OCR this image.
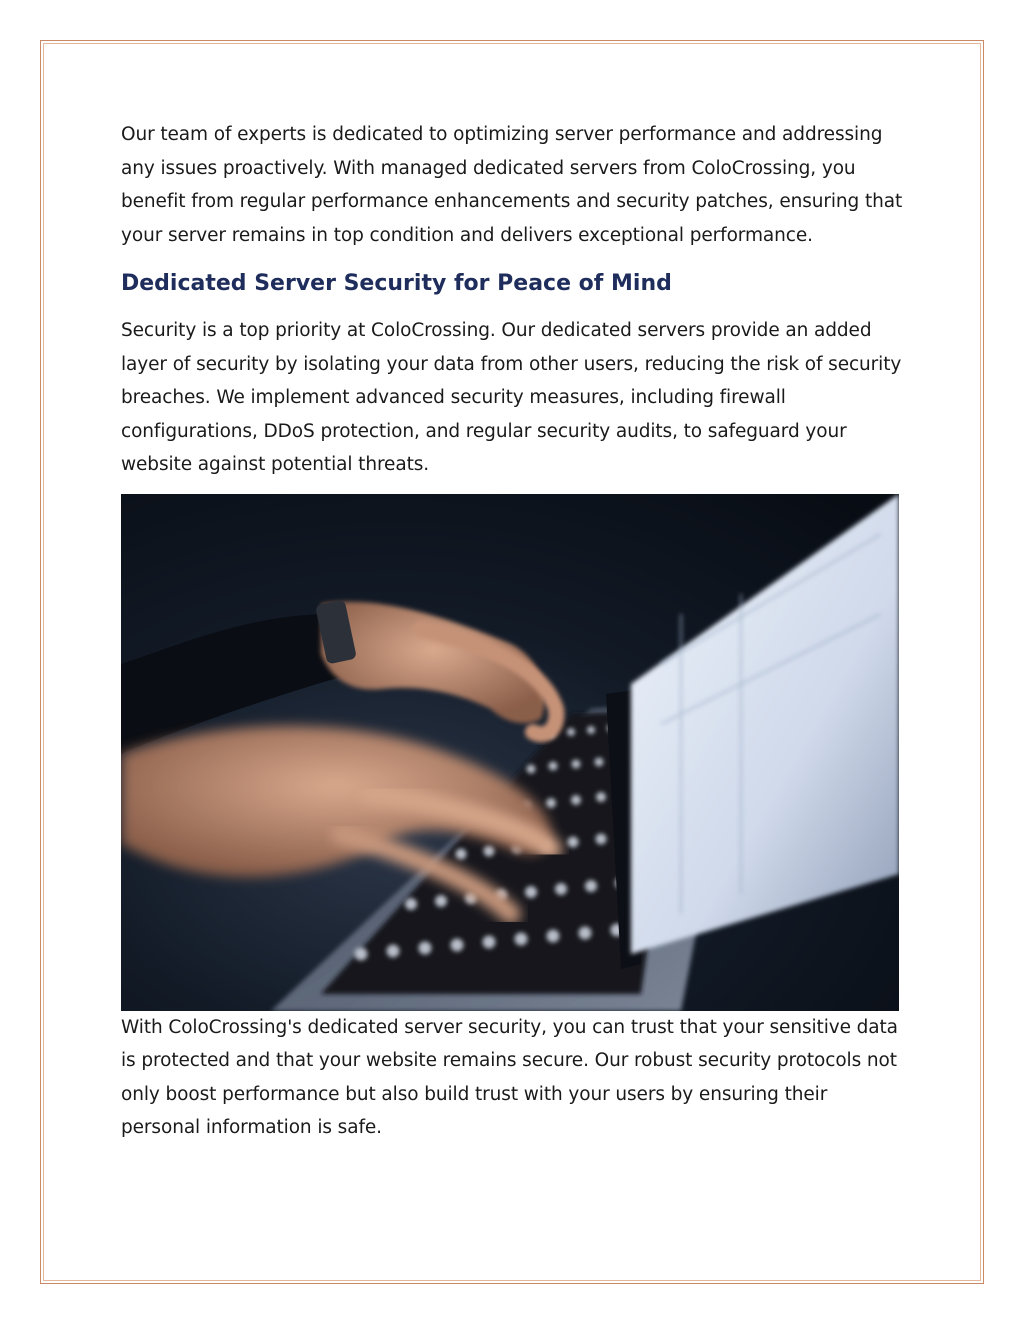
Our team of experts is dedicated to optimizing server performance and addressing any issues proactively. With managed dedicated servers from ColoCrossing, you benefit from regular performance enhancements and security patches, ensuring that your server remains in top condition and delivers exceptional performance.

Dedicated Server Security for Peace of Mind

Security is a top priority at ColoCrossing. Our dedicated servers provide an added layer of security by isolating your data from other users, reducing the risk of security breaches. We implement advanced security measures, including firewall configurations, DDoS protection, and regular security audits, to safeguard your website against potential threats.

With ColoCrossing's dedicated server security, you can trust that your sensitive data is protected and that your website remains secure. Our robust security protocols not only boost performance but also build trust with your users by ensuring their personal information is safe.
